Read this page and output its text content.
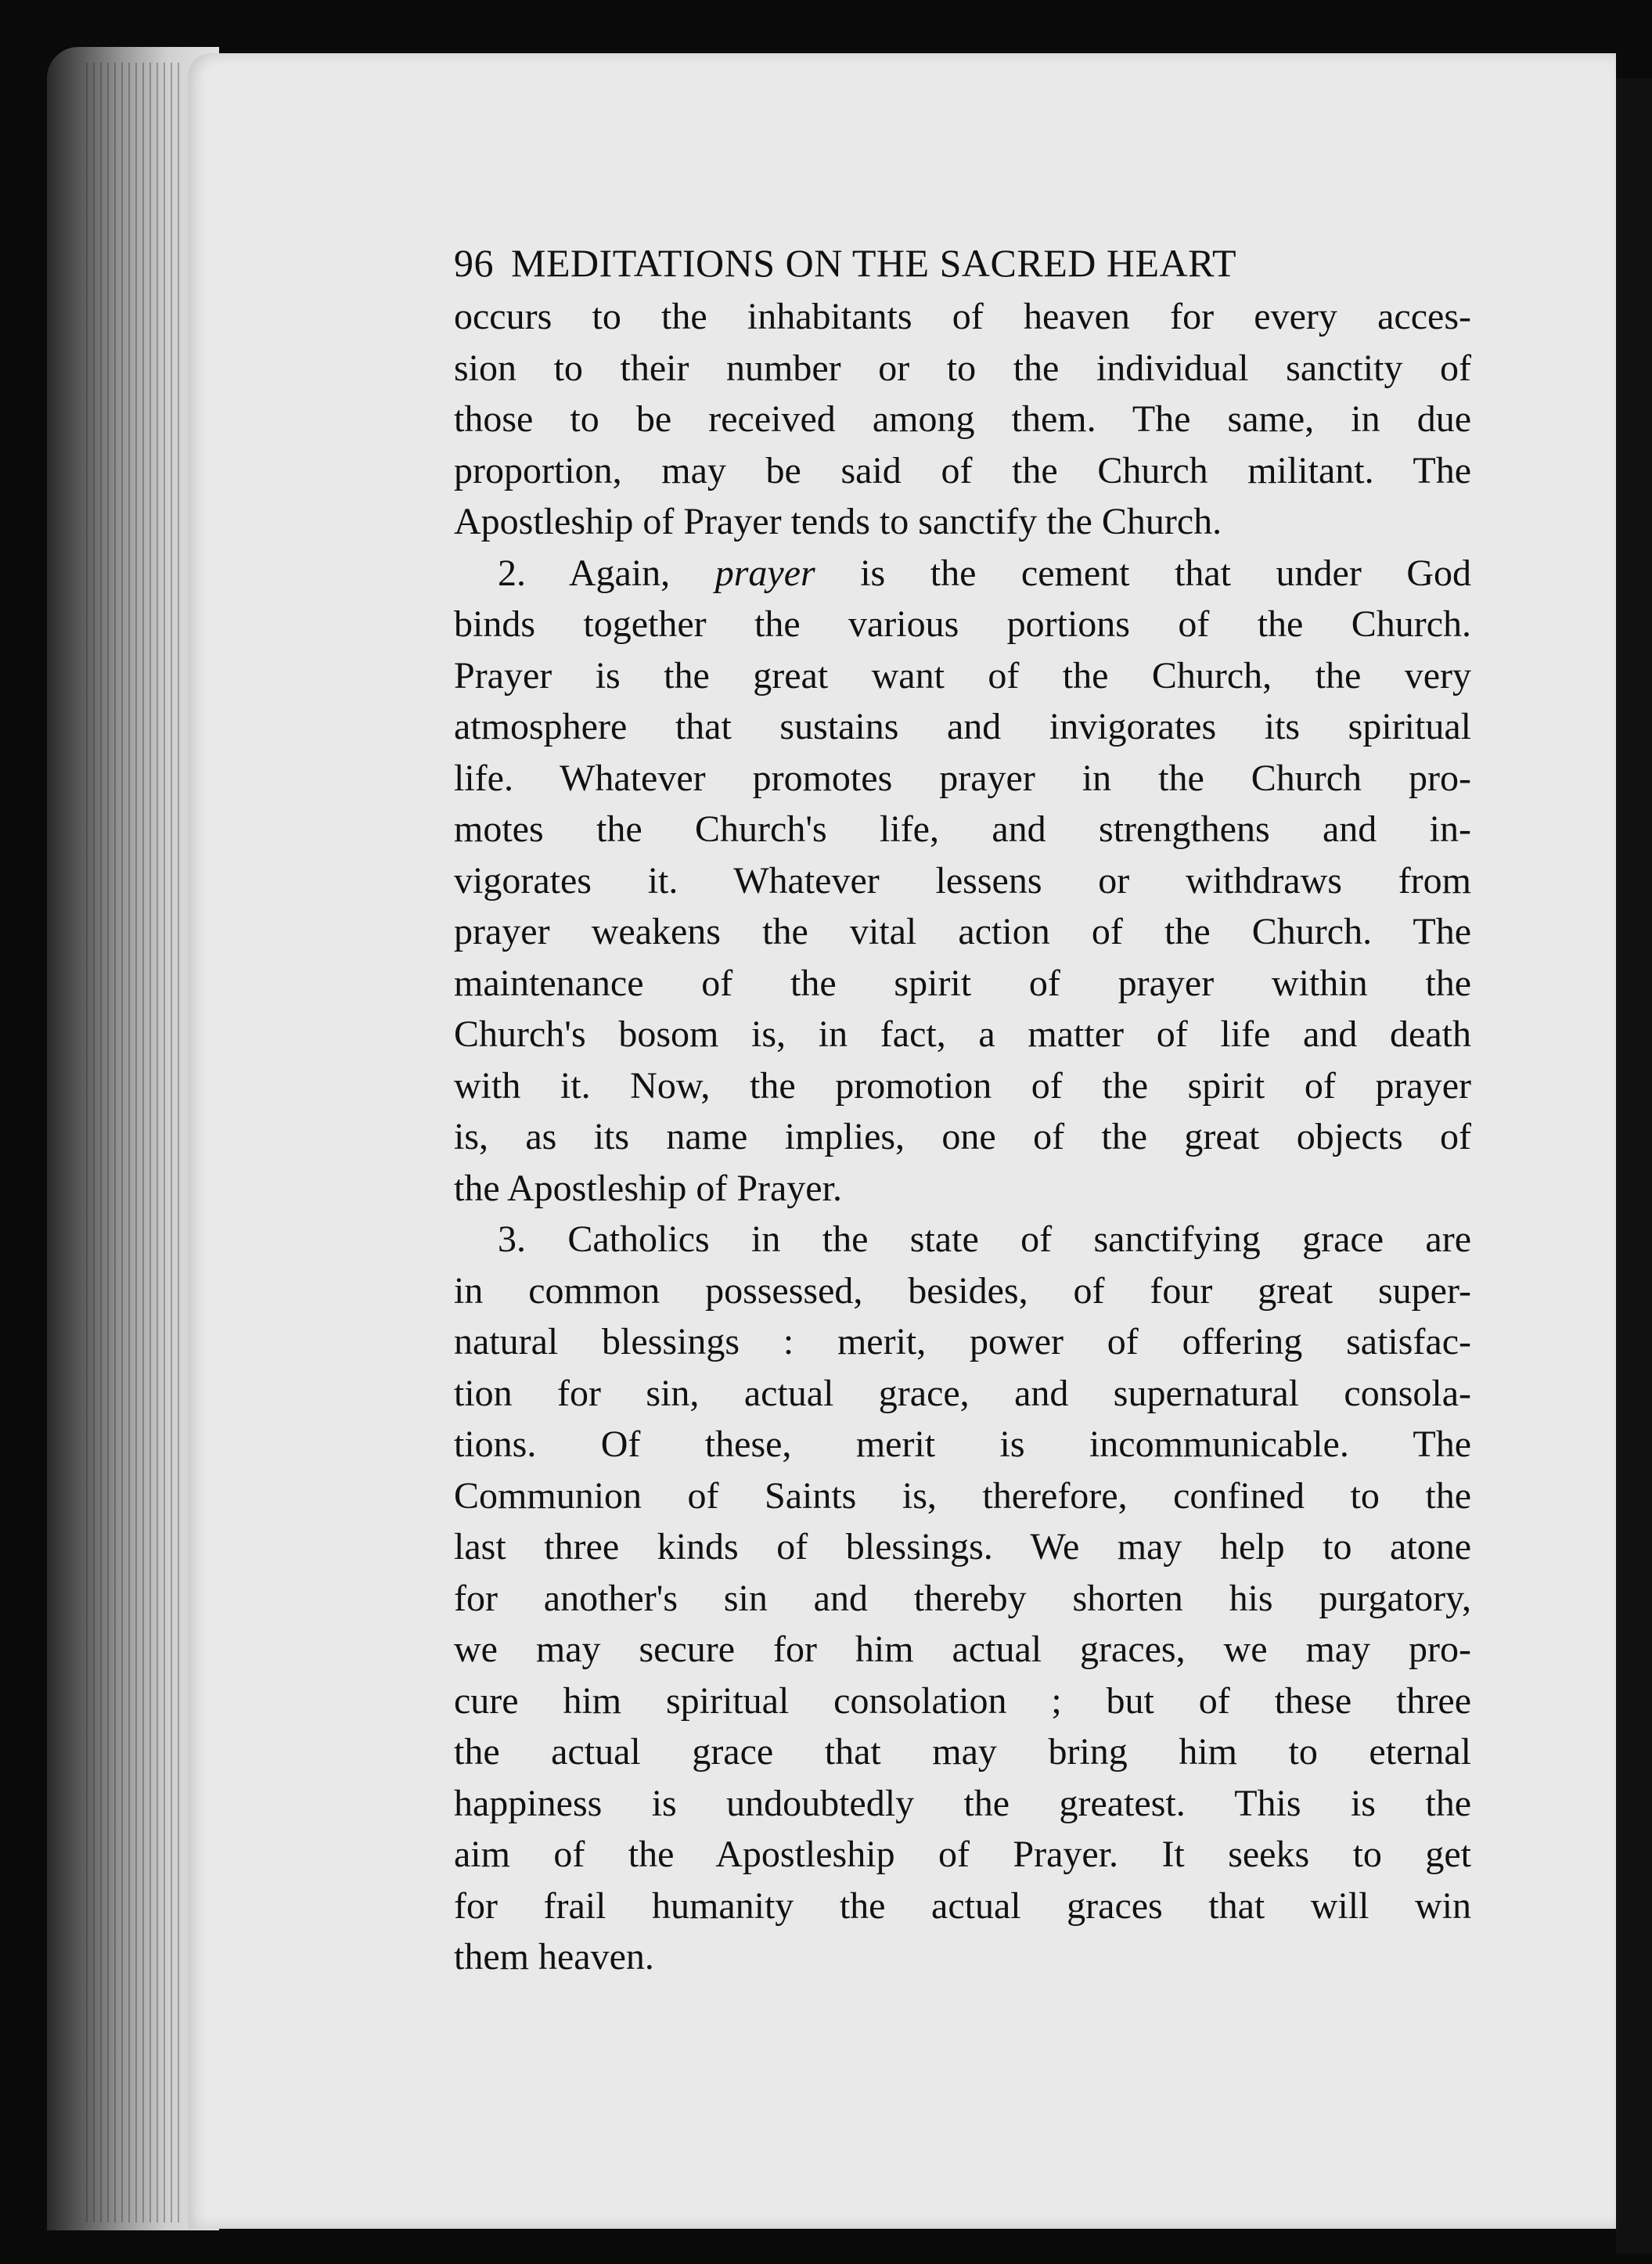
96 MEDITATIONS ON THE SACRED HEART
occurs to the inhabitants of heaven for every acces-
sion to their number or to the individual sanctity of
those to be received among them. The same, in due
proportion, may be said of the Church militant. The
Apostleship of Prayer tends to sanctify the Church.
2. Again, prayer is the cement that under God
binds together the various portions of the Church.
Prayer is the great want of the Church, the very
atmosphere that sustains and invigorates its spiritual
life. Whatever promotes prayer in the Church pro-
motes the Church's life, and strengthens and in-
vigorates it. Whatever lessens or withdraws from
prayer weakens the vital action of the Church. The
maintenance of the spirit of prayer within the
Church's bosom is, in fact, a matter of life and death
with it. Now, the promotion of the spirit of prayer
is, as its name implies, one of the great objects of
the Apostleship of Prayer.
3. Catholics in the state of sanctifying grace are
in common possessed, besides, of four great super-
natural blessings : merit, power of offering satisfac-
tion for sin, actual grace, and supernatural consola-
tions. Of these, merit is incommunicable. The
Communion of Saints is, therefore, confined to the
last three kinds of blessings. We may help to atone
for another's sin and thereby shorten his purgatory,
we may secure for him actual graces, we may pro-
cure him spiritual consolation ; but of these three
the actual grace that may bring him to eternal
happiness is undoubtedly the greatest. This is the
aim of the Apostleship of Prayer. It seeks to get
for frail humanity the actual graces that will win
them heaven.
